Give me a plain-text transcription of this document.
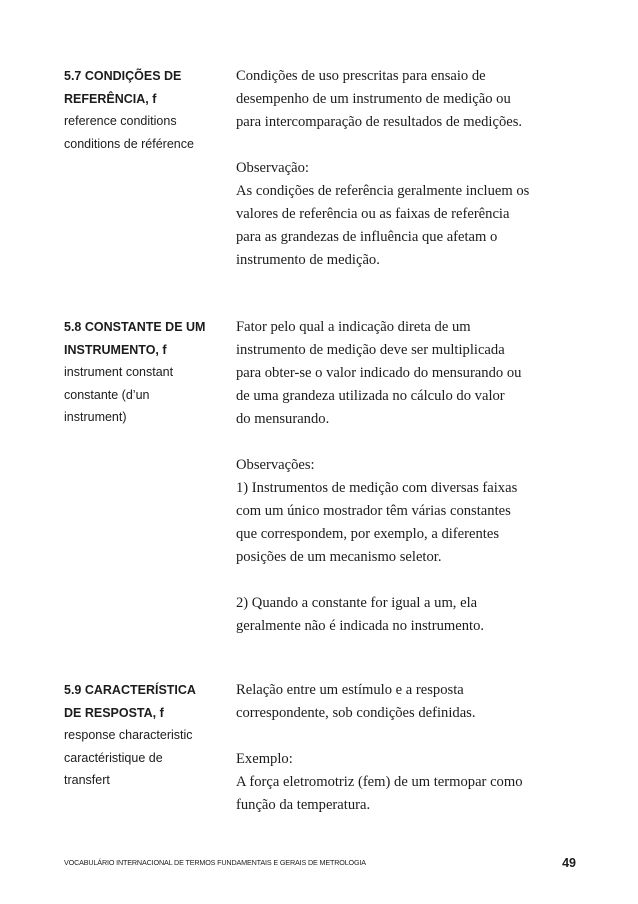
5.7 CONDIÇÕES DE
REFERÊNCIA, f
reference conditions
conditions de référence

Condições de uso prescritas para ensaio de
desempenho de um instrumento de medição ou
para intercomparação de resultados de medições.

Observação:
As condições de referência geralmente incluem os
valores de referência ou as faixas de referência
para as grandezas de influência que afetam o
instrumento de medição.

5.8 CONSTANTE DE UM
INSTRUMENTO, f
instrument constant
constante (d’un
instrument)

Fator pelo qual a indicação direta de um
instrumento de medição deve ser multiplicada
para obter-se o valor indicado do mensurando ou
de uma grandeza utilizada no cálculo do valor
do mensurando.

Observações:
1) Instrumentos de medição com diversas faixas
com um único mostrador têm várias constantes
que correspondem, por exemplo, a diferentes
posições de um mecanismo seletor.

2) Quando a constante for igual a um, ela
geralmente não é indicada no instrumento.

5.9 CARACTERÍSTICA
DE RESPOSTA, f
response characteristic
caractéristique de
transfert

Relação entre um estímulo e a resposta
correspondente, sob condições definidas.

Exemplo:
A força eletromotriz (fem) de um termopar como
função da temperatura.

VOCABULÁRIO INTERNACIONAL DE TERMOS FUNDAMENTAIS E GERAIS DE METROLOGIA	49
